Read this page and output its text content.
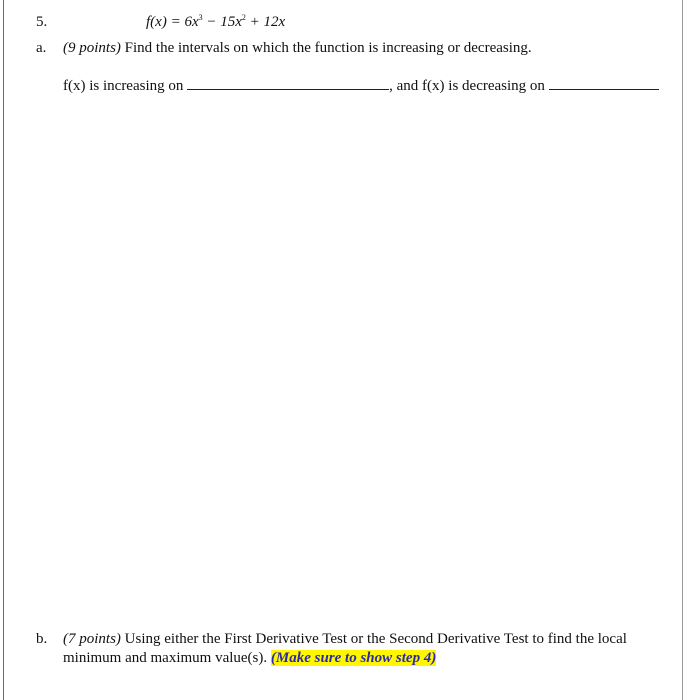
5.	$f(x) = 6x^3 - 15x^2 + 12x$
a. (9 points) Find the intervals on which the function is increasing or decreasing.
f(x) is increasing on	, and f(x) is decreasing on
b. (7 points) Using either the First Derivative Test or the Second Derivative Test to find the local
minimum and maximum value(s). (Make sure to show step 4)
